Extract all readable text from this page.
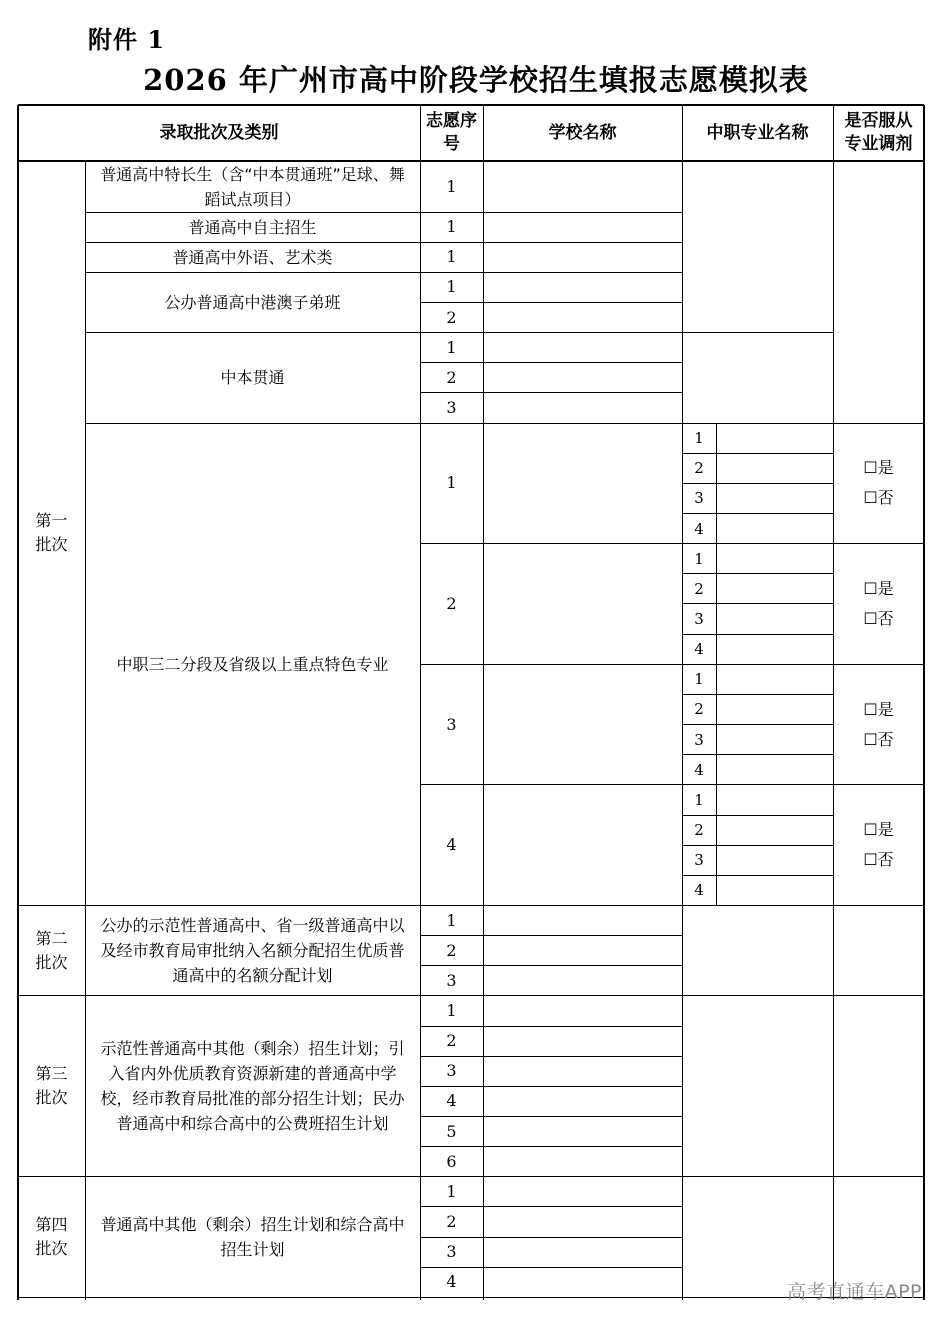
附件 1
2026 年广州市高中阶段学校招生填报志愿模拟表
录取批次及类别
志愿序号
学校名称	中职专业名称
是否服从专业调剂
1
普通高中特长生（含“中本贯通班”足球、舞蹈试点项目）
1
普通高中自主招生
1
普通高中外语、艺术类
1
2
公办普通高中港澳子弟班
1
2
3
中本贯通
1
1
2
3
4
☐是
☐否
2
1
2
3
4
☐是
☐否
3
1
2
3
4
☐是
☐否
4
1
2
3
4
☐是
☐否
中职三二分段及省级以上重点特色专业
第一
批次
1
2
3
公办的示范性普通高中、省一级普通高中以及经市教育局审批纳入名额分配招生优质普通高中的名额分配计划
第二
批次
1
2
3
4
5
6
示范性普通高中其他（剩余）招生计划；引入省内外优质教育资源新建的普通高中学校，经市教育局批准的部分招生计划；民办普通高中和综合高中的公费班招生计划
第三
批次
1
2
3
4
普通高中其他（剩余）招生计划和综合高中招生计划
第四
批次
高考直通车APP
